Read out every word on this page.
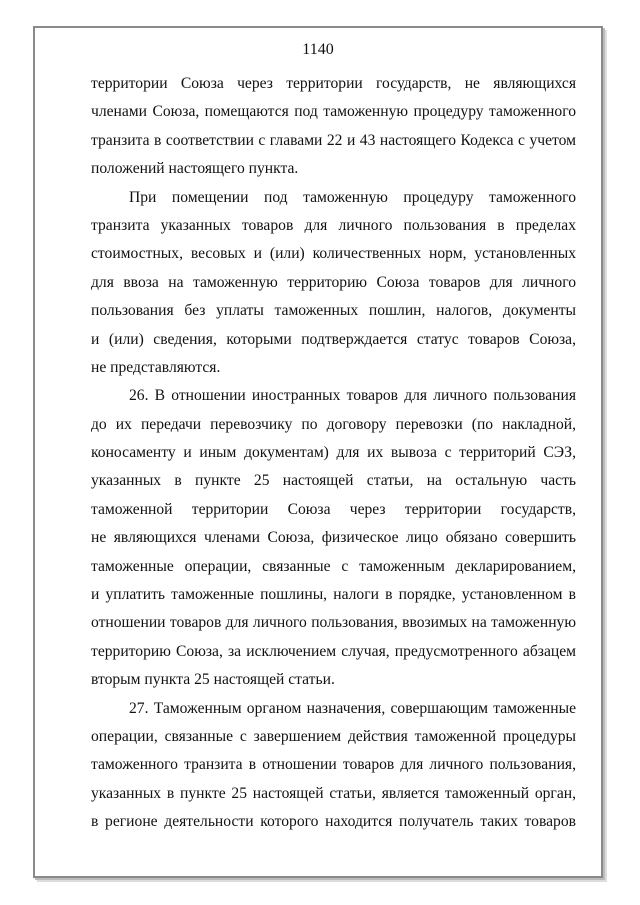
1140
территории Союза через территории государств, не являющихся
членами Союза, помещаются под таможенную процедуру таможенного
транзита в соответствии с главами 22 и 43 настоящего Кодекса с учетом
положений настоящего пункта.
При помещении под таможенную процедуру таможенного
транзита указанных товаров для личного пользования в пределах
стоимостных, весовых и (или) количественных норм, установленных
для ввоза на таможенную территорию Союза товаров для личного
пользования без уплаты таможенных пошлин, налогов, документы
и (или) сведения, которыми подтверждается статус товаров Союза,
не представляются.
26. В отношении иностранных товаров для личного пользования
до их передачи перевозчику по договору перевозки (по накладной,
коносаменту и иным документам) для их вывоза с территорий СЭЗ,
указанных в пункте 25 настоящей статьи, на остальную часть
таможенной территории Союза через территории государств,
не являющихся членами Союза, физическое лицо обязано совершить
таможенные операции, связанные с таможенным декларированием,
и уплатить таможенные пошлины, налоги в порядке, установленном в
отношении товаров для личного пользования, ввозимых на таможенную
территорию Союза, за исключением случая, предусмотренного абзацем
вторым пункта 25 настоящей статьи.
27. Таможенным органом назначения, совершающим таможенные
операции, связанные с завершением действия таможенной процедуры
таможенного транзита в отношении товаров для личного пользования,
указанных в пункте 25 настоящей статьи, является таможенный орган,
в регионе деятельности которого находится получатель таких товаров
